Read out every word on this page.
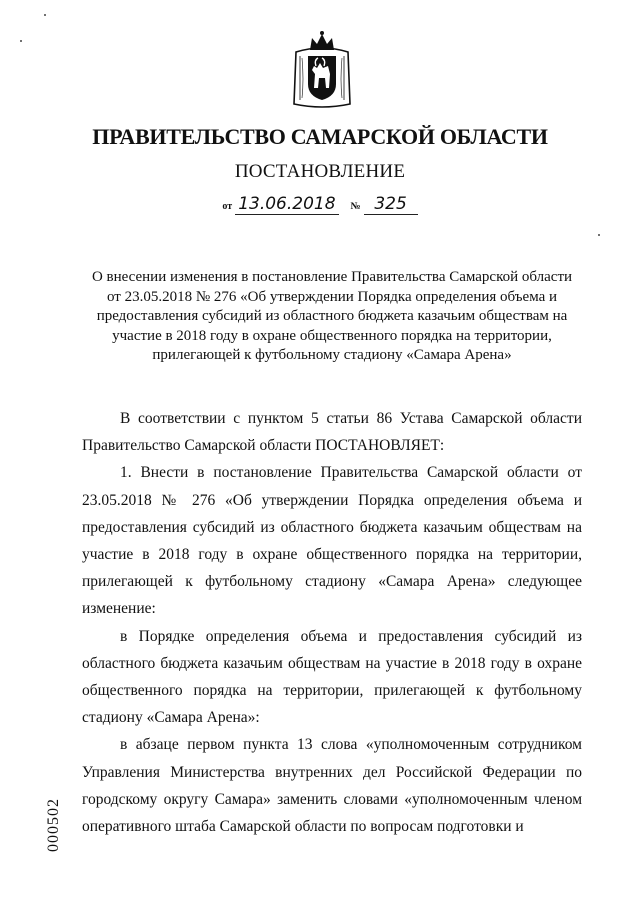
ПРАВИТЕЛЬСТВО САМАРСКОЙ ОБЛАСТИ
ПОСТАНОВЛЕНИЕ
от 13.06.2018 № 325
О внесении изменения в постановление Правительства Самарской области
от 23.05.2018 № 276 «Об утверждении Порядка определения объема и
предоставления субсидий из областного бюджета казачьим обществам на
участие в 2018 году в охране общественного порядка на территории,
прилегающей к футбольному стадиону «Самара Арена»

В соответствии с пунктом 5 статьи 86 Устава Самарской области Правительство Самарской области ПОСТАНОВЛЯЕТ:

1. Внести в постановление Правительства Самарской области от 23.05.2018 № 276 «Об утверждении Порядка определения объема и предоставления субсидий из областного бюджета казачьим обществам на участие в 2018 году в охране общественного порядка на территории, прилегающей к футбольному стадиону «Самара Арена» следующее изменение:

в Порядке определения объема и предоставления субсидий из областного бюджета казачьим обществам на участие в 2018 году в охране общественного порядка на территории, прилегающей к футбольному стадиону «Самара Арена»:

в абзаце первом пункта 13 слова «уполномоченным сотрудником Управления Министерства внутренних дел Российской Федерации по городскому округу Самара» заменить словами «уполномоченным членом оперативного штаба Самарской области по вопросам подготовки и

000502
